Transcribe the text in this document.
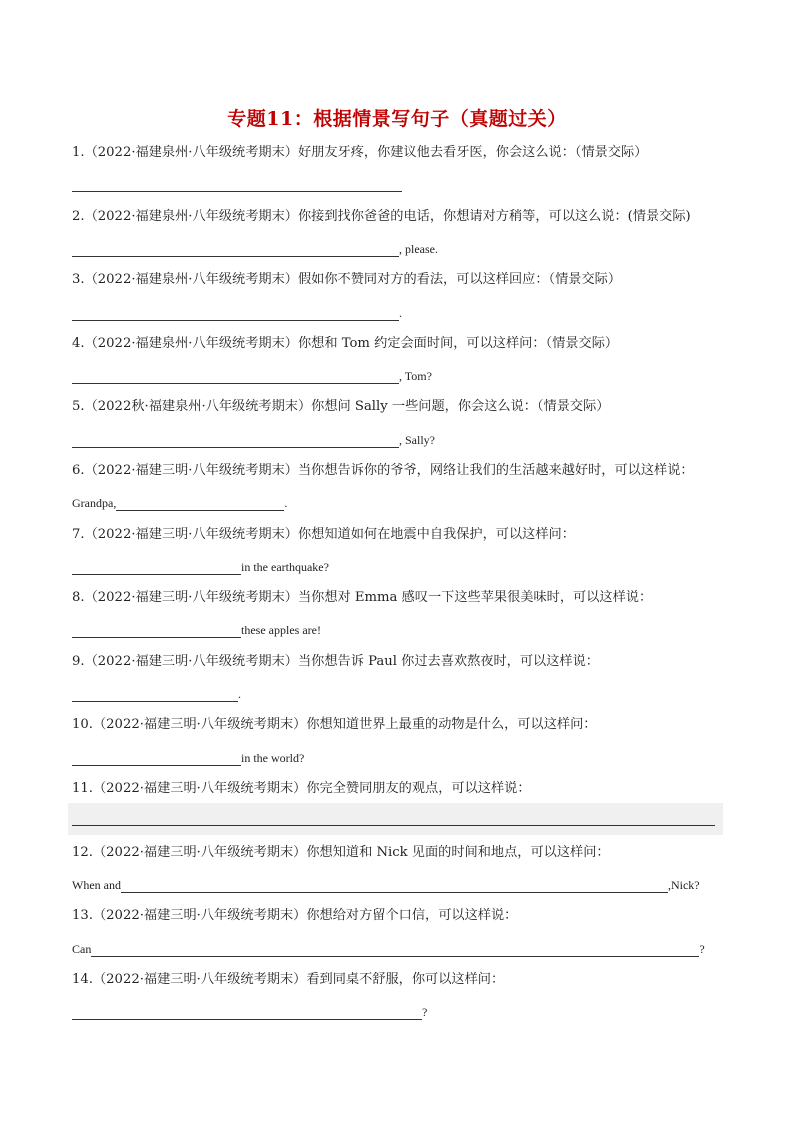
专题11：根据情景写句子（真题过关）
1.（2022·福建泉州·八年级统考期末）好朋友牙疼，你建议他去看牙医，你会这么说：（情景交际）
2.（2022·福建泉州·八年级统考期末）你接到找你爸爸的电话，你想请对方稍等，可以这么说：(情景交际)
, please.
3.（2022·福建泉州·八年级统考期末）假如你不赞同对方的看法，可以这样回应：（情景交际）
.
4.（2022·福建泉州·八年级统考期末）你想和 Tom 约定会面时间，可以这样问：（情景交际）
, Tom?
5.（2022秋·福建泉州·八年级统考期末）你想问 Sally 一些问题，你会这么说：（情景交际）
, Sally?
6.（2022·福建三明·八年级统考期末）当你想告诉你的爷爷，网络让我们的生活越来越好时，可以这样说：
Grandpa,	.
7.（2022·福建三明·八年级统考期末）你想知道如何在地震中自我保护，可以这样问：
in the earthquake?
8.（2022·福建三明·八年级统考期末）当你想对 Emma 感叹一下这些苹果很美味时，可以这样说：
these apples are!
9.（2022·福建三明·八年级统考期末）当你想告诉 Paul 你过去喜欢熬夜时，可以这样说：
.
10.（2022·福建三明·八年级统考期末）你想知道世界上最重的动物是什么，可以这样问：
in the world?
11.（2022·福建三明·八年级统考期末）你完全赞同朋友的观点，可以这样说：
12.（2022·福建三明·八年级统考期末）你想知道和 Nick 见面的时间和地点，可以这样问：
When and	,Nick?
13.（2022·福建三明·八年级统考期末）你想给对方留个口信，可以这样说：
Can	?
14.（2022·福建三明·八年级统考期末）看到同桌不舒服，你可以这样问：
?
